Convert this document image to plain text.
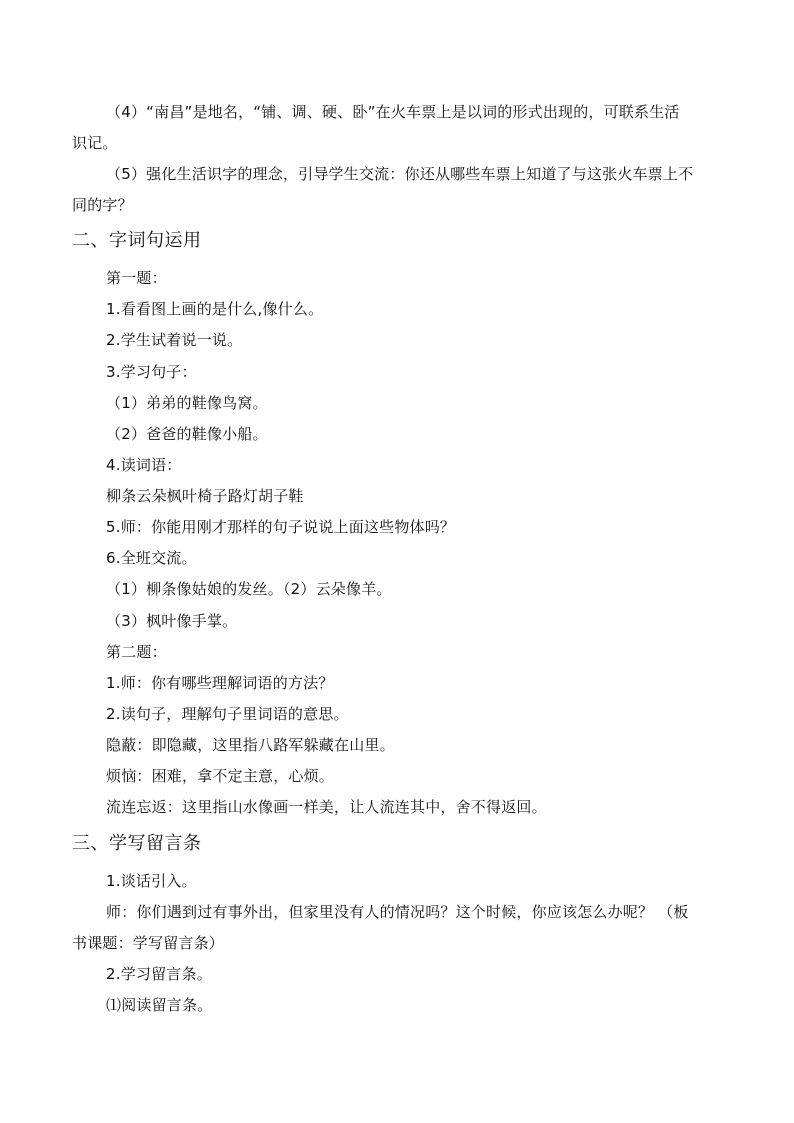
（4）“南昌”是地名，“铺、调、硬、卧”在火车票上是以词的形式出现的，可联系生活
识记。
（5）强化生活识字的理念，引导学生交流：你还从哪些车票上知道了与这张火车票上不
同的字？
二、字词句运用
第一题：
1.看看图上画的是什么,像什么。
2.学生试着说一说。
3.学习句子：
（1）弟弟的鞋像鸟窝。
（2）爸爸的鞋像小船。
4.读词语：
柳条云朵枫叶椅子路灯胡子鞋
5.师：你能用刚才那样的句子说说上面这些物体吗？
6.全班交流。
（1）柳条像姑娘的发丝。（2）云朵像羊。
（3）枫叶像手掌。
第二题：
1.师：你有哪些理解词语的方法？
2.读句子，理解句子里词语的意思。
隐蔽：即隐藏，这里指八路军躲藏在山里。
烦恼：困难，拿不定主意，心烦。
流连忘返：这里指山水像画一样美，让人流连其中，舍不得返回。
三、学写留言条
1.谈话引入。
师：你们遇到过有事外出，但家里没有人的情况吗？这个时候，你应该怎么办呢？ （板
书课题：学写留言条）
2.学习留言条。
⑴阅读留言条。
